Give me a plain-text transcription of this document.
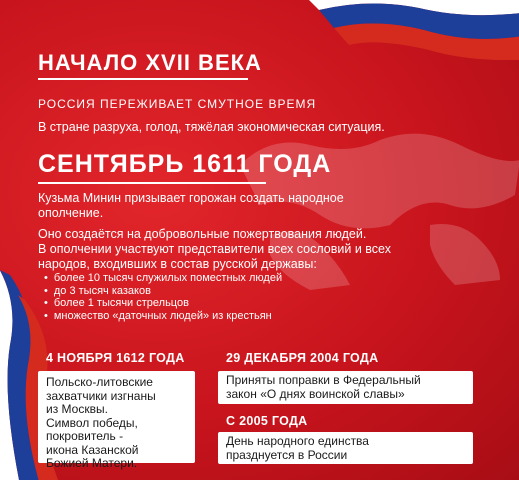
НАЧАЛО XVII ВЕКА
РОССИЯ ПЕРЕЖИВАЕТ СМУТНОЕ ВРЕМЯ
В стране разруха, голод, тяжёлая экономическая ситуация.
СЕНТЯБРЬ 1611 ГОДА
Кузьма Минин призывает горожан создать народное
ополчение.
Оно создаётся на добровольные пожертвования людей.
В ополчении участвуют представители всех сословий и всех
народов, входивших в состав русской державы:
• более 10 тысяч служилых поместных людей
• до 3 тысяч казаков
• более 1 тысячи стрельцов
• множество «даточных людей» из крестьян
4 НОЯБРЯ 1612 ГОДА
Польско-литовские
захватчики изгнаны
из Москвы.
Символ победы,
покровитель -
икона Казанской
Божией Матери.
29 ДЕКАБРЯ 2004 ГОДА
Приняты поправки в Федеральный
закон «О днях воинской славы»
С 2005 ГОДА
День народного единства
празднуется в России
